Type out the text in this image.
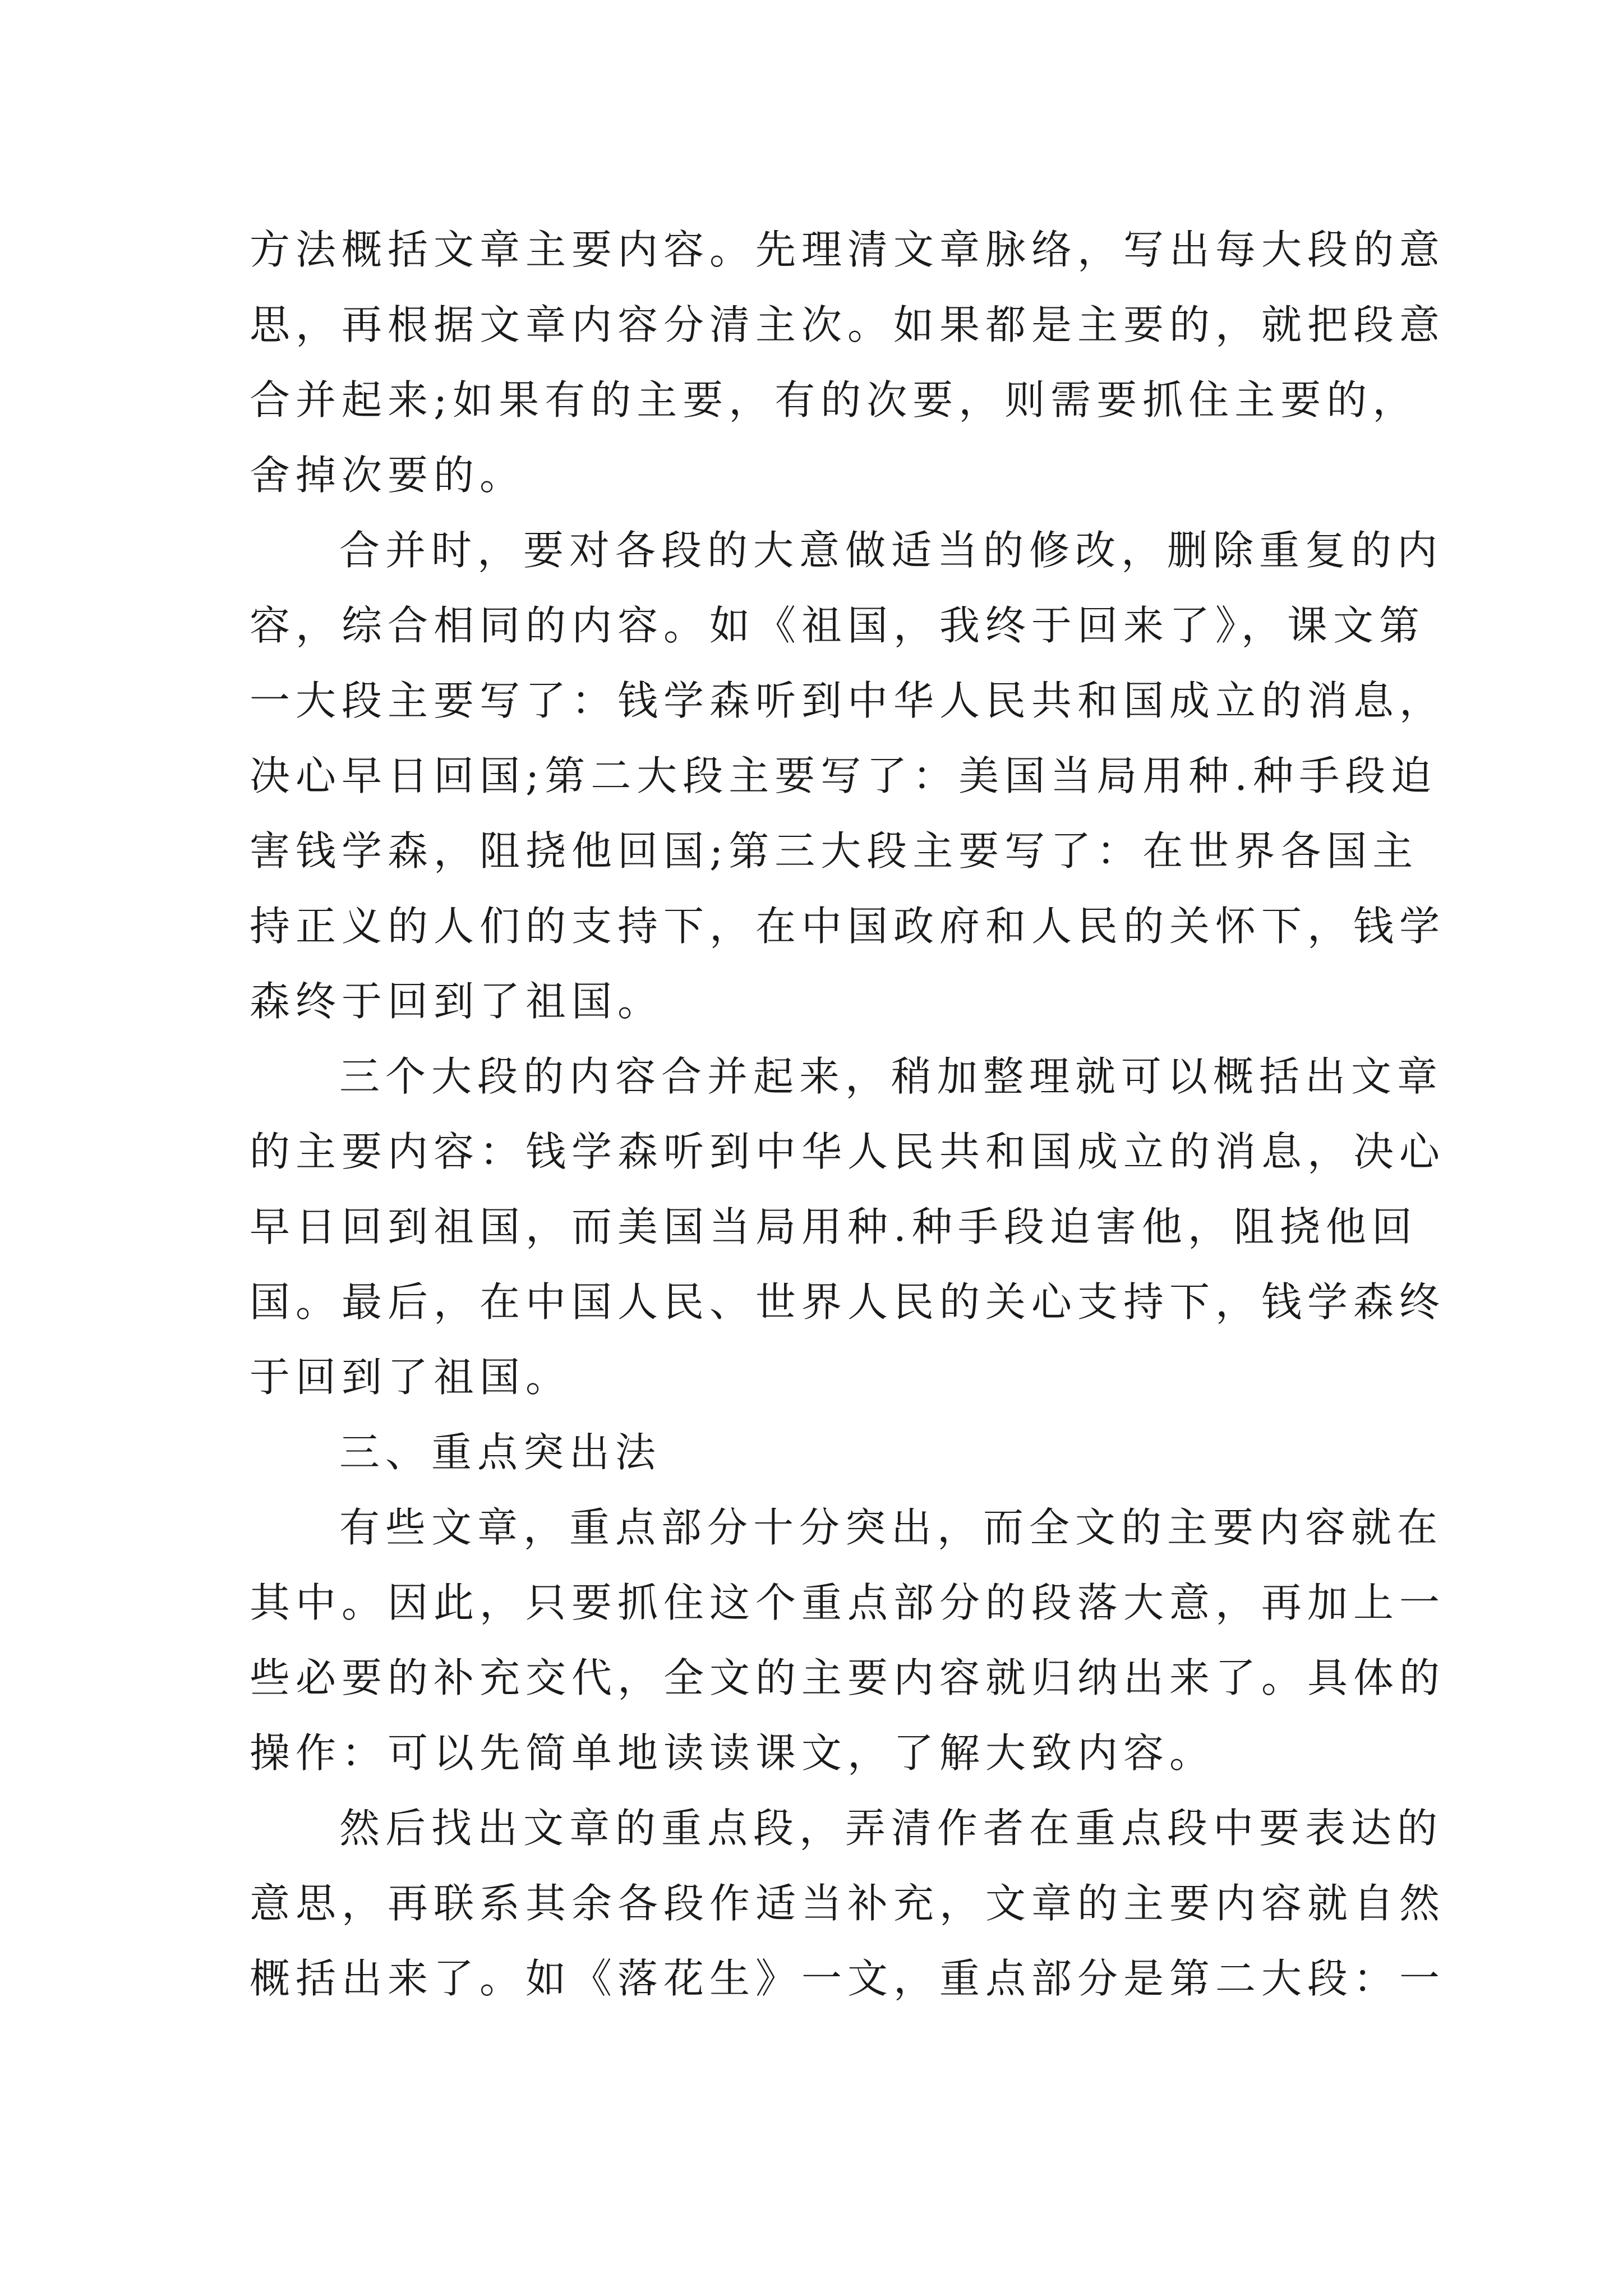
方法概括文章主要内容。先理清文章脉络，写出每大段的意
思，再根据文章内容分清主次。如果都是主要的，就把段意
合并起来;如果有的主要，有的次要，则需要抓住主要的，
舍掉次要的。
合并时，要对各段的大意做适当的修改，删除重复的内
容，综合相同的内容。如《祖国，我终于回来了》，课文第
一大段主要写了：钱学森听到中华人民共和国成立的消息，
决心早日回国;第二大段主要写了：美国当局用种.种手段迫
害钱学森，阻挠他回国;第三大段主要写了：在世界各国主
持正义的人们的支持下，在中国政府和人民的关怀下，钱学
森终于回到了祖国。
三个大段的内容合并起来，稍加整理就可以概括出文章
的主要内容：钱学森听到中华人民共和国成立的消息，决心
早日回到祖国，而美国当局用种.种手段迫害他，阻挠他回
国。最后，在中国人民、世界人民的关心支持下，钱学森终
于回到了祖国。
三、重点突出法
有些文章，重点部分十分突出，而全文的主要内容就在
其中。因此，只要抓住这个重点部分的段落大意，再加上一
些必要的补充交代，全文的主要内容就归纳出来了。具体的
操作：可以先简单地读读课文，了解大致内容。
然后找出文章的重点段，弄清作者在重点段中要表达的
意思，再联系其余各段作适当补充，文章的主要内容就自然
概括出来了。如《落花生》一文，重点部分是第二大段：一
